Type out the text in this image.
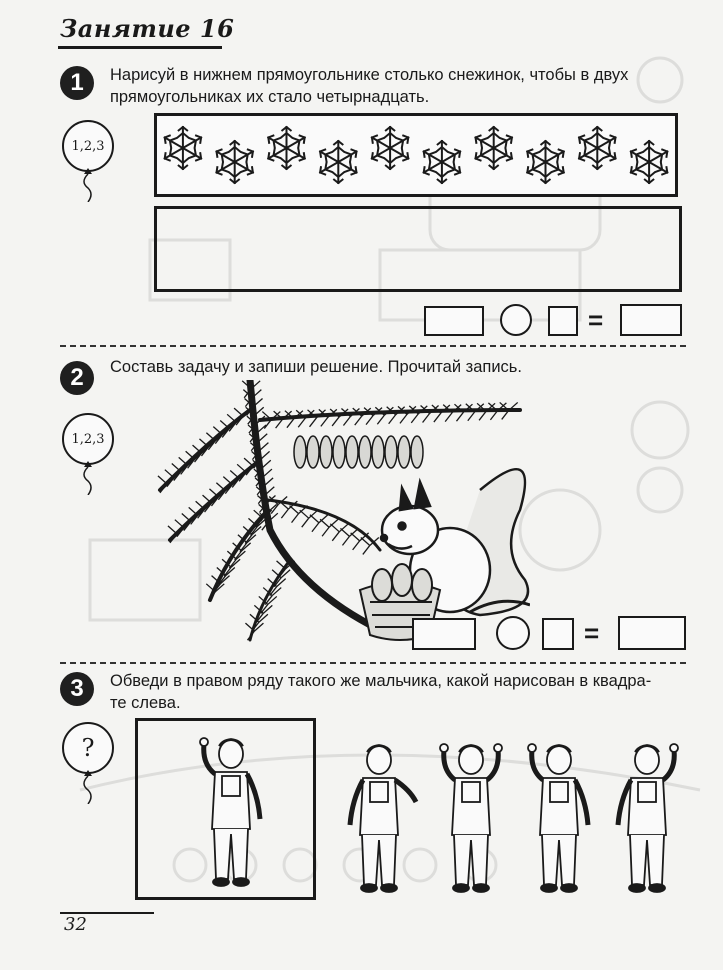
Занятие 16
1	Нарисуй в нижнем прямоугольнике столько снежинок, чтобы в двух
прямоугольниках их стало четырнадцать.
1,2,3
=
2	Составь задачу и запиши решение. Прочитай запись.
1,2,3
=
3	Обведи в правом ряду такого же мальчика, какой нарисован в квадра-
те слева.
?
32
